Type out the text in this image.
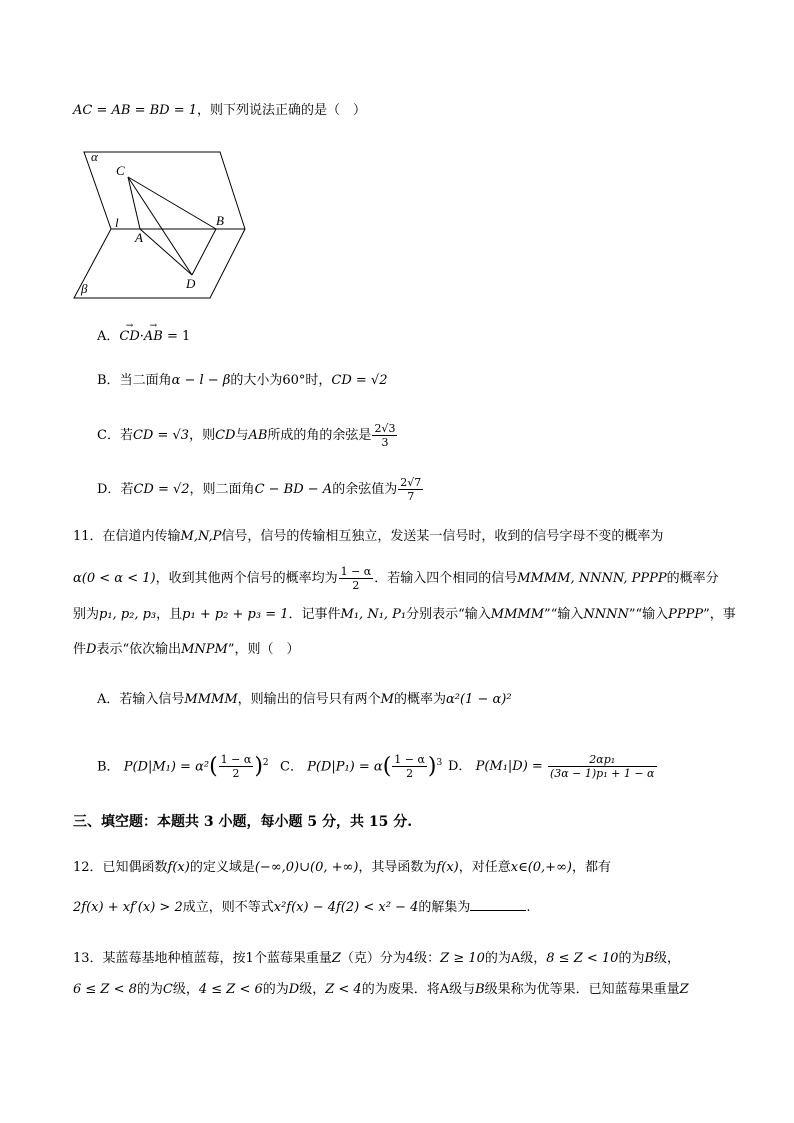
AC = AB = BD = 1，则下列说法正确的是（　）
α
β
l
A
B
C
D
A．→ CD·→ AB = 1
B．当二面角α − l − β的大小为60°时，CD = √2
C．若CD = √3，则CD与AB所成的角的余弦是 $\frac{2√3}{3}$
D．若CD = √2，则二面角C − BD − A的余弦值为 $\frac{2√7}{7}$
11．在信道内传输M,N,P信号，信号的传输相互独立，发送某一信号时，收到的信号字母不变的概率为
α(0 < α < 1)，收到其他两个信号的概率均为 $\frac{1 - \alpha}{2}$ ．若输入四个相同的信号MMMM, NNNN, PPPP的概率分
别为p₁, p₂, p₃，且p₁ + p₂ + p₃ = 1．记事件M₁, N₁, P₁分别表示“输入MMMM”“输入NNNN”“输入PPPP”，事
件D表示“依次输出MNPM”，则（　）
A．若输入信号MMMM，则输出的信号只有两个M的概率为α²(1 − α)²
B． $P(D|M_1) = \alpha^2( \frac{1 - \alpha}{2} )^2$ C． $P(D|P_1) = \alpha( \frac{1 - \alpha}{2} )^3$ D． $P(M_1|D) = \frac{\text{2αp₁}}{\text{(3α − 1)p₁ + 1 − α}}$
三、填空题：本题共 3 小题，每小题 5 分，共 15 分.
12．已知偶函数f(x)的定义域是(−∞,0)∪(0, +∞)，其导函数为f(x)，对任意x∈(0,+∞)，都有
2f(x) + xf′(x) > 2成立，则不等式x²f(x) − 4f(2) < x² − 4的解集为	.
13．某蓝莓基地种植蓝莓，按1个蓝莓果重量Z（克）分为4级：Z ≥ 10的为A级，8 ≤ Z < 10的为B级，
6 ≤ Z < 8的为C级，4 ≤ Z < 6的为D级，Z < 4的为废果．将A级与B级果称为优等果．已知蓝莓果重量Z
